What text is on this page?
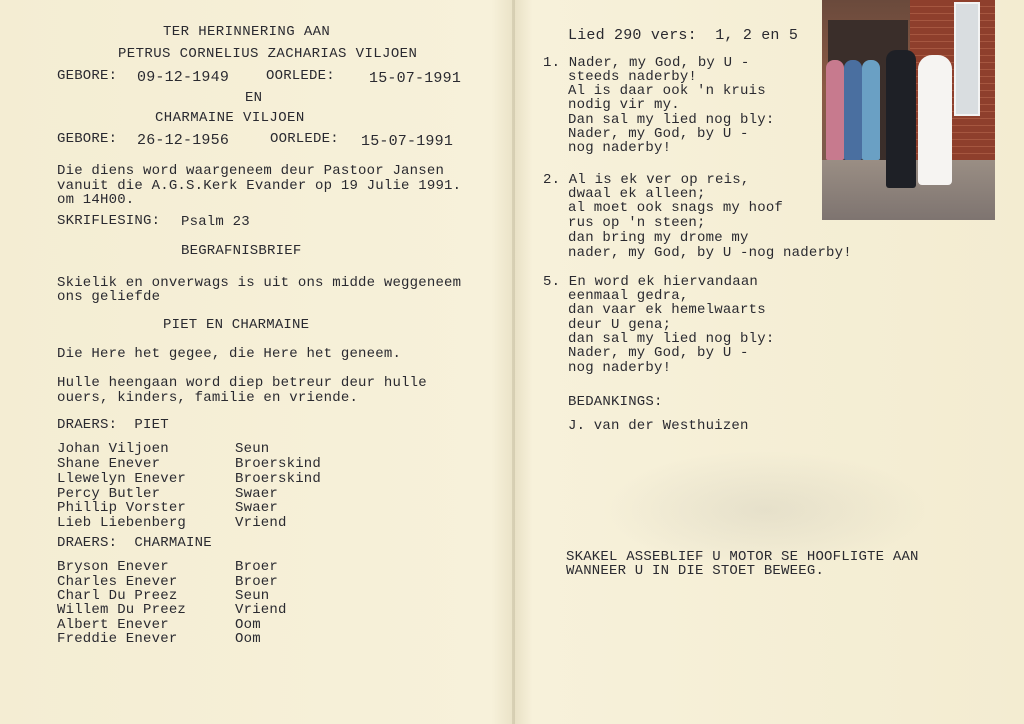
TER HERINNERING AAN
PETRUS CORNELIUS ZACHARIAS VILJOEN
GEBORE: 09-12-1949	OORLEDE: 15-07-1991
EN
CHARMAINE VILJOEN
GEBORE: 26-12-1956	OORLEDE: 15-07-1991
Die diens word waargeneem deur Pastoor Jansen
vanuit die A.G.S.Kerk Evander op 19 Julie 1991.
om 14H00.
SKRIFLESING: Psalm 23
BEGRAFNISBRIEF
Skielik en onverwags is uit ons midde weggeneem
ons geliefde
PIET EN CHARMAINE
Die Here het gegee, die Here het geneem.
Hulle heengaan word diep betreur deur hulle
ouers, kinders, familie en vriende.
DRAERS:  PIET
Johan Viljoen	Seun
Shane Enever	Broerskind
Llewelyn Enever	Broerskind
Percy Butler	Swaer
Phillip Vorster	Swaer
Lieb Liebenberg	Vriend
DRAERS:  CHARMAINE
Bryson Enever	Broer
Charles Enever	Broer
Charl Du Preez	Seun
Willem Du Preez	Vriend
Albert Enever	Oom
Freddie Enever	Oom
Lied 290 vers:  1, 2 en 5
1. Nader, my God, by U -
steeds naderby!
Al is daar ook 'n kruis
nodig vir my.
Dan sal my lied nog bly:
Nader, my God, by U -
nog naderby!
2. Al is ek ver op reis,
dwaal ek alleen;
al moet ook snags my hoof
rus op 'n steen;
dan bring my drome my
nader, my God, by U -nog naderby!
5. En word ek hiervandaan
eenmaal gedra,
dan vaar ek hemelwaarts
deur U gena;
dan sal my lied nog bly:
Nader, my God, by U -
nog naderby!
BEDANKINGS:
J. van der Westhuizen
SKAKEL ASSEBLIEF U MOTOR SE HOOFLIGTE AAN
WANNEER U IN DIE STOET BEWEEG.
